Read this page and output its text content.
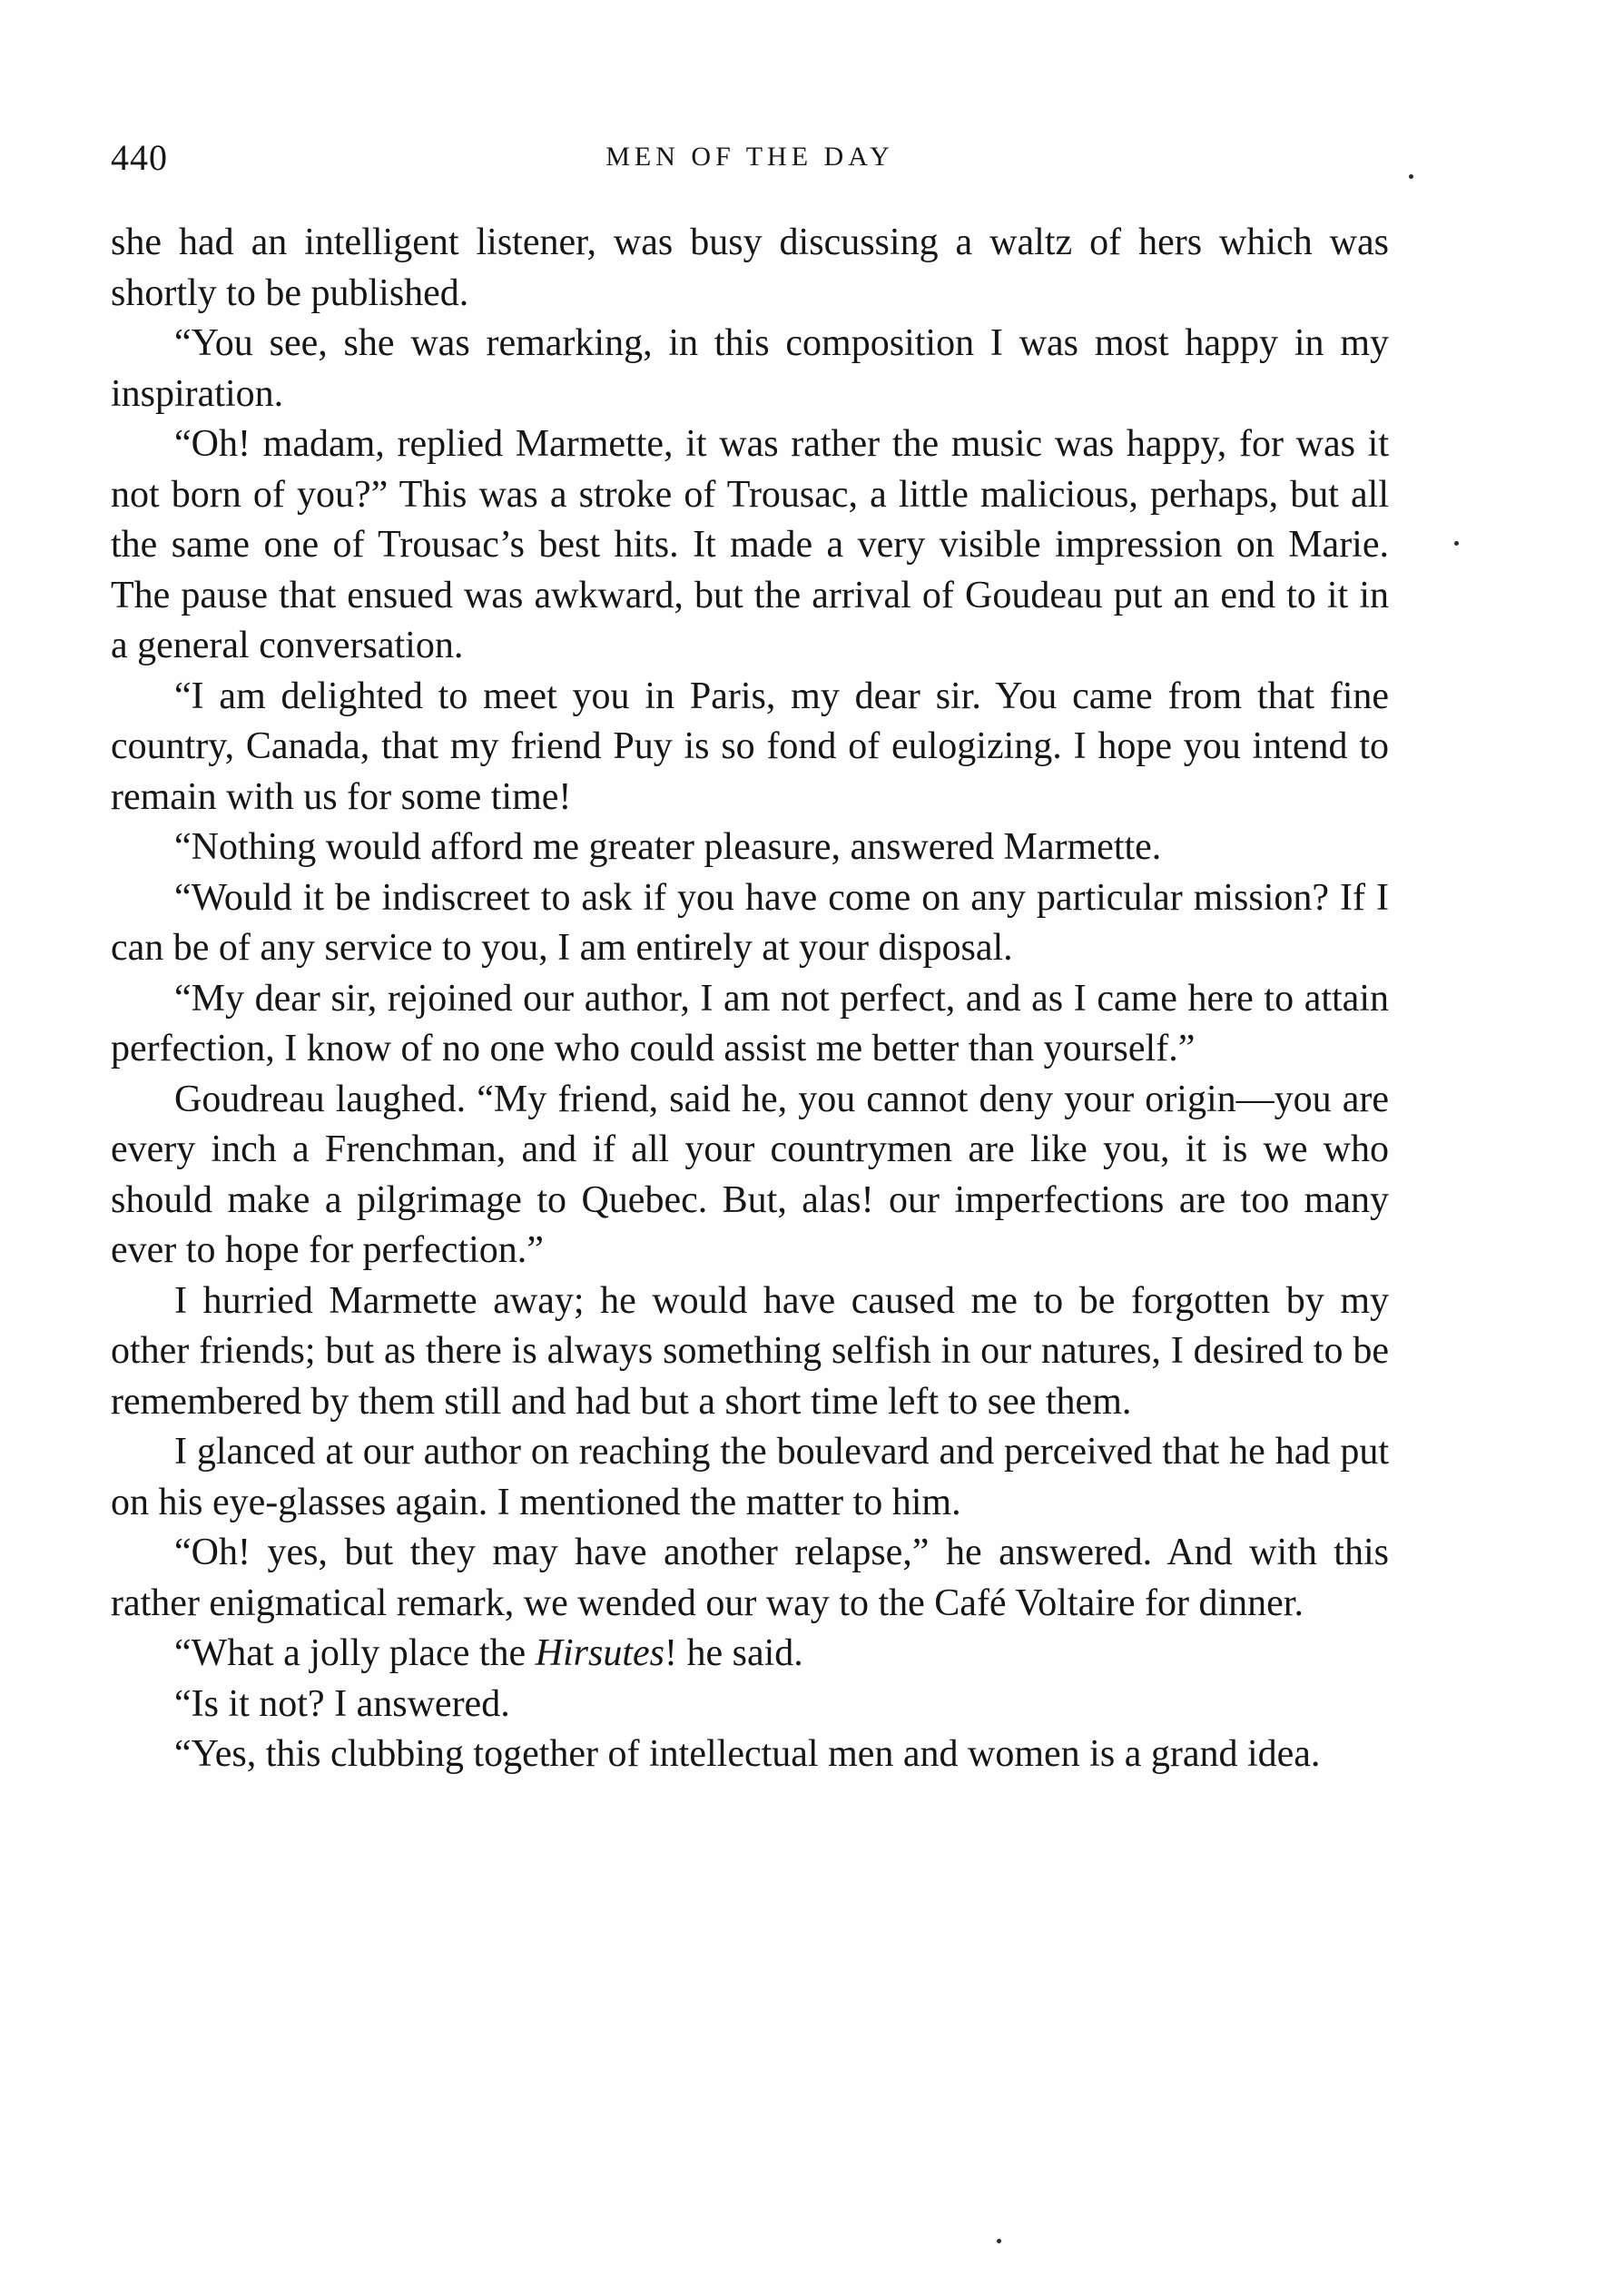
440	MEN OF THE DAY

she had an intelligent listener, was busy discussing a waltz of hers which was shortly to be published.

“You see, she was remarking, in this composition I was most happy in my inspiration.

“Oh! madam, replied Marmette, it was rather the music was happy, for was it not born of you?” This was a stroke of Trousac, a little malicious, perhaps, but all the same one of Trousac’s best hits. It made a very visible impression on Marie. The pause that ensued was awkward, but the arrival of Goudeau put an end to it in a general conversation.

“I am delighted to meet you in Paris, my dear sir. You came from that fine country, Canada, that my friend Puy is so fond of eulogizing. I hope you intend to remain with us for some time!

“Nothing would afford me greater pleasure, answered Marmette.

“Would it be indiscreet to ask if you have come on any particular mission? If I can be of any service to you, I am entirely at your disposal.

“My dear sir, rejoined our author, I am not perfect, and as I came here to attain perfection, I know of no one who could assist me better than yourself.”

Goudreau laughed. “My friend, said he, you cannot deny your origin—you are every inch a Frenchman, and if all your countrymen are like you, it is we who should make a pilgrimage to Quebec. But, alas! our imperfections are too many ever to hope for perfection.”

I hurried Marmette away; he would have caused me to be forgotten by my other friends; but as there is always something selfish in our natures, I desired to be remembered by them still and had but a short time left to see them.

I glanced at our author on reaching the boulevard and perceived that he had put on his eye-glasses again. I mentioned the matter to him.

“Oh! yes, but they may have another relapse,” he answered. And with this rather enigmatical remark, we wended our way to the Café Voltaire for dinner.

“What a jolly place the Hirsutes! he said.

“Is it not? I answered.

“Yes, this clubbing together of intellectual men and women is a grand idea.
